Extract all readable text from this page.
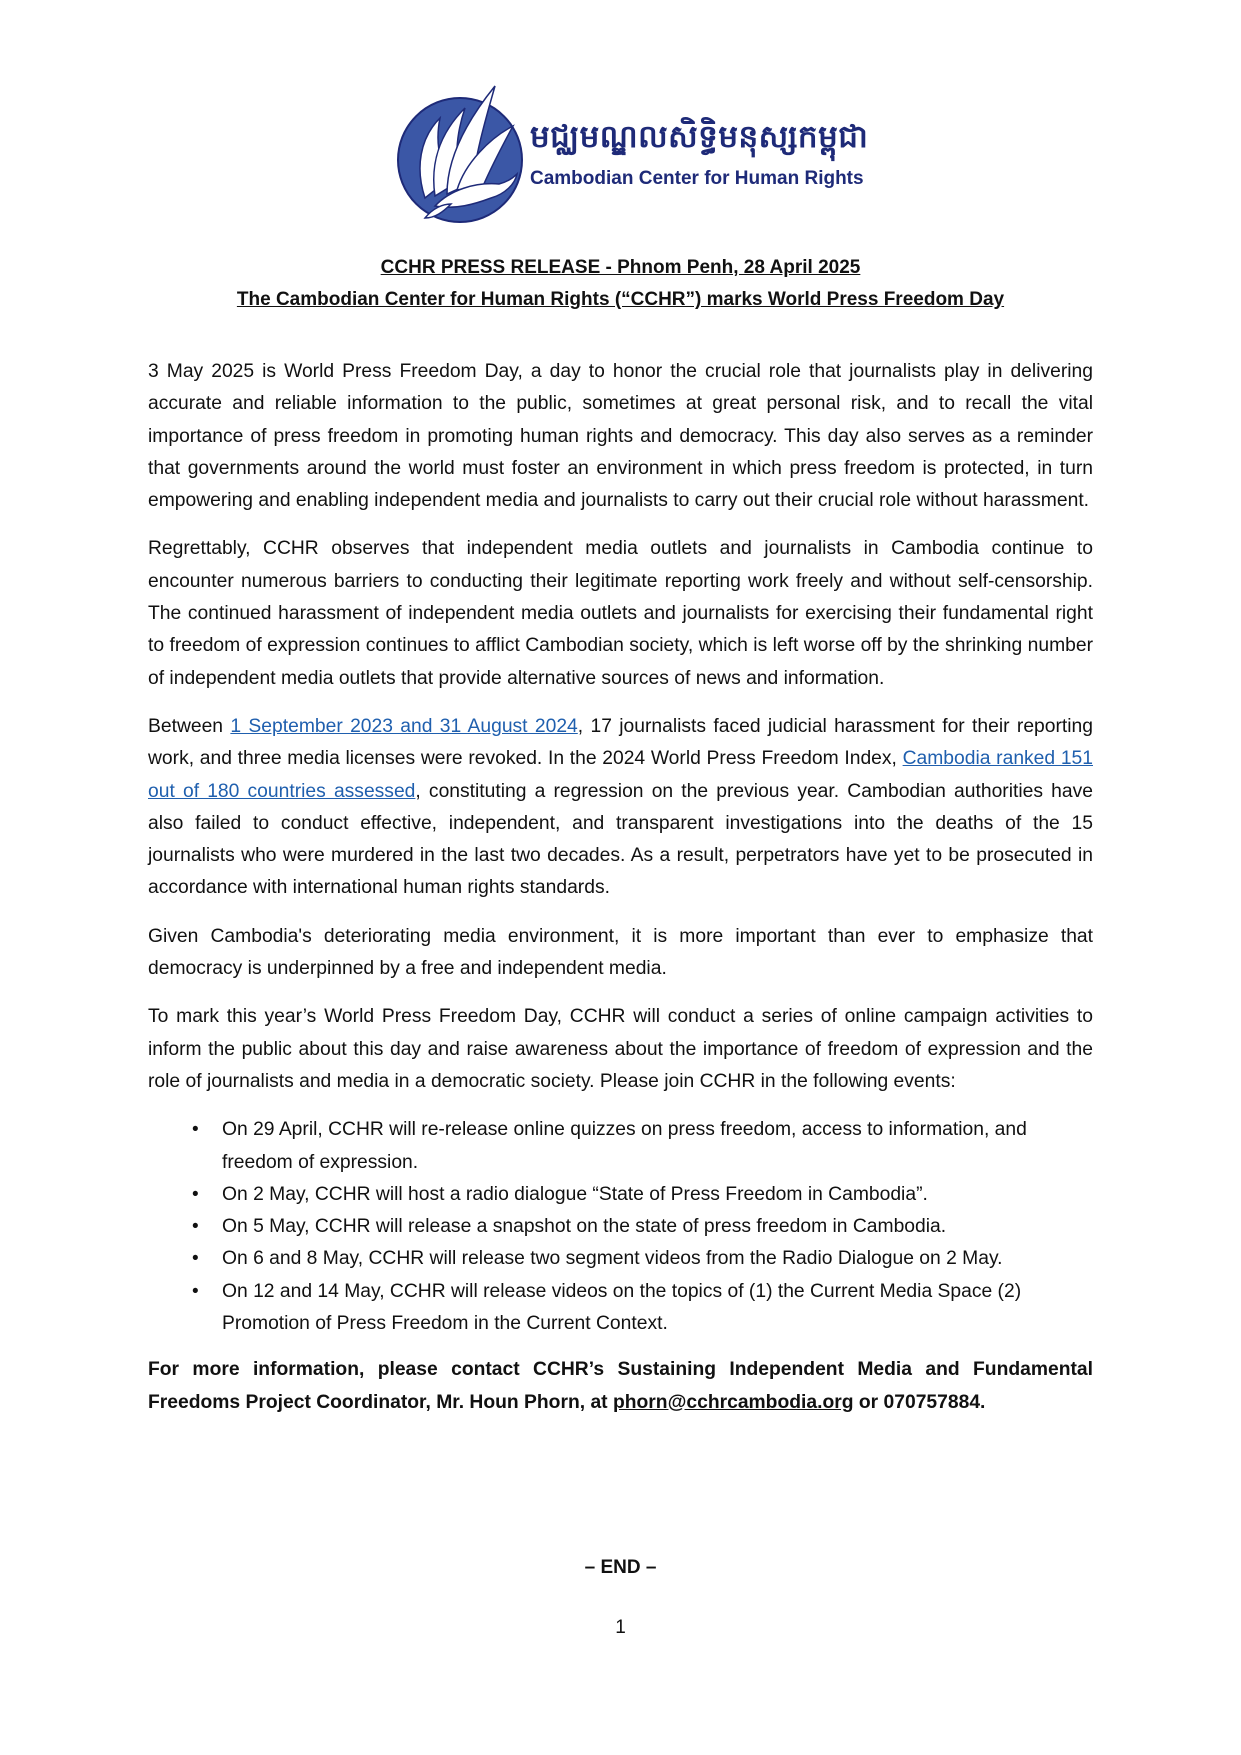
មជ្ឈមណ្ឌលសិទ្ធិមនុស្សកម្ពុជា
Cambodian Center for Human Rights
CCHR PRESS RELEASE - Phnom Penh, 28 April 2025
The Cambodian Center for Human Rights (“CCHR”) marks World Press Freedom Day

3 May 2025 is World Press Freedom Day, a day to honor the crucial role that journalists play in delivering accurate and reliable information to the public, sometimes at great personal risk, and to recall the vital importance of press freedom in promoting human rights and democracy. This day also serves as a reminder that governments around the world must foster an environment in which press freedom is protected, in turn empowering and enabling independent media and journalists to carry out their crucial role without harassment.

Regrettably, CCHR observes that independent media outlets and journalists in Cambodia continue to encounter numerous barriers to conducting their legitimate reporting work freely and without self-censorship. The continued harassment of independent media outlets and journalists for exercising their fundamental right to freedom of expression continues to afflict Cambodian society, which is left worse off by the shrinking number of independent media outlets that provide alternative sources of news and information.

Between 1 September 2023 and 31 August 2024, 17 journalists faced judicial harassment for their reporting work, and three media licenses were revoked. In the 2024 World Press Freedom Index, Cambodia ranked 151 out of 180 countries assessed, constituting a regression on the previous year. Cambodian authorities have also failed to conduct effective, independent, and transparent investigations into the deaths of the 15 journalists who were murdered in the last two decades. As a result, perpetrators have yet to be prosecuted in accordance with international human rights standards.

Given Cambodia's deteriorating media environment, it is more important than ever to emphasize that democracy is underpinned by a free and independent media.

To mark this year’s World Press Freedom Day, CCHR will conduct a series of online campaign activities to inform the public about this day and raise awareness about the importance of freedom of expression and the role of journalists and media in a democratic society. Please join CCHR in the following events:

• On 29 April, CCHR will re-release online quizzes on press freedom, access to information, and freedom of expression.
• On 2 May, CCHR will host a radio dialogue “State of Press Freedom in Cambodia”.
• On 5 May, CCHR will release a snapshot on the state of press freedom in Cambodia.
• On 6 and 8 May, CCHR will release two segment videos from the Radio Dialogue on 2 May.
• On 12 and 14 May, CCHR will release videos on the topics of (1) the Current Media Space (2) Promotion of Press Freedom in the Current Context.

For more information, please contact CCHR’s Sustaining Independent Media and Fundamental Freedoms Project Coordinator, Mr. Houn Phorn, at phorn@cchrcambodia.org or 070757884.

– END –
1
